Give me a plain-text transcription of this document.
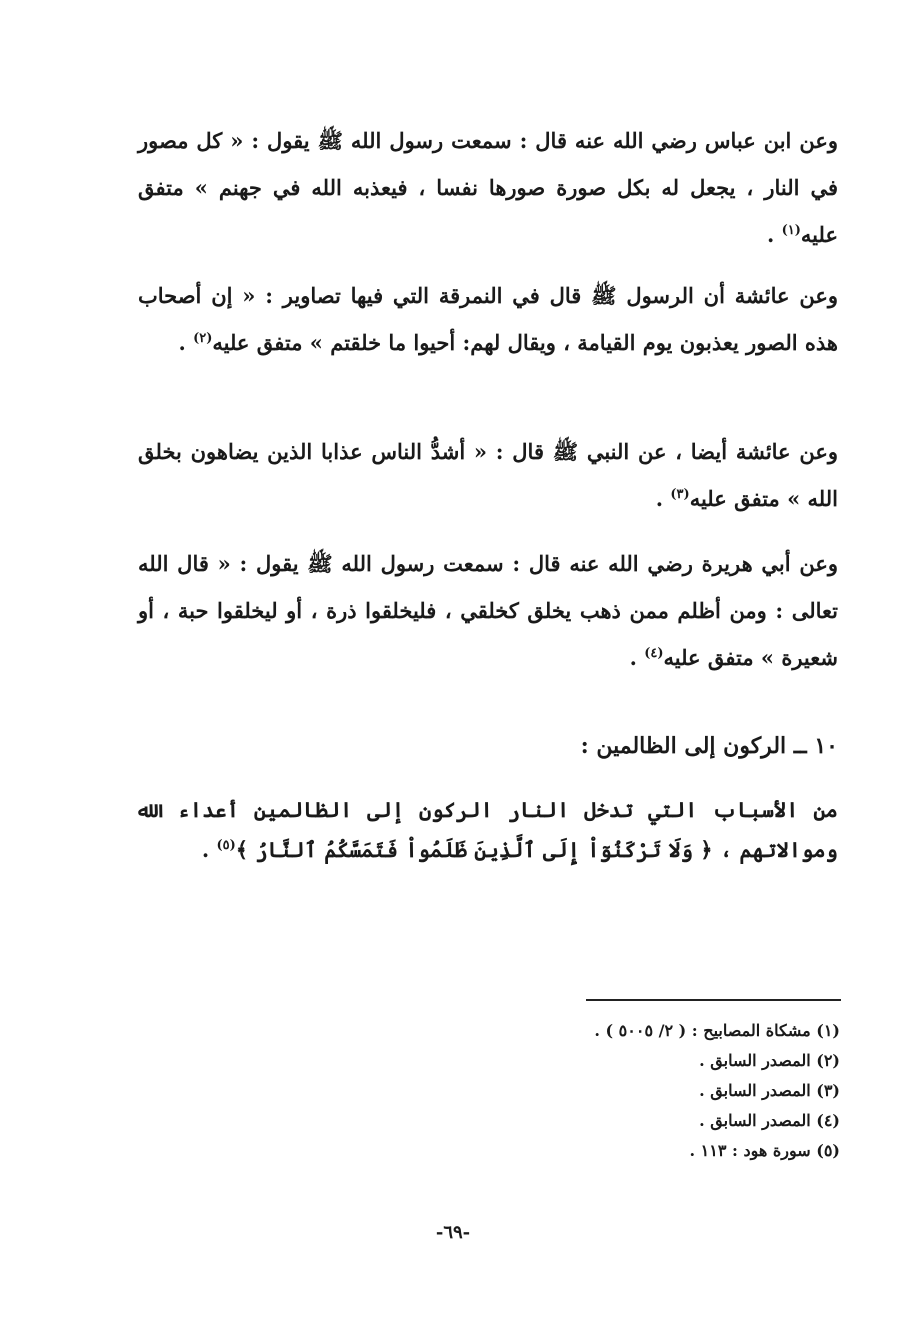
وعن ابن عباس رضي الله عنه قال : سمعت رسول الله ﷺ يقول : « كل مصور في النار ، يجعل له بكل صورة صورها نفسا ، فيعذبه الله في جهنم » متفق عليه$^{(١)}$ .
وعن عائشة أن الرسول ﷺ قال في النمرقة التي فيها تصاوير : « إن أصحاب هذه الصور يعذبون يوم القيامة ، ويقال لهم: أحيوا ما خلقتم » متفق عليه$^{(٢)}$ .
وعن عائشة أيضا ، عن النبي ﷺ قال : « أشدُّ الناس عذابا الذين يضاهون بخلق الله » متفق عليه$^{(٣)}$ .
وعن أبي هريرة رضي الله عنه قال : سمعت رسول الله ﷺ يقول : « قال الله تعالى : ومن أظلم ممن ذهب يخلق كخلقي ، فليخلقوا ذرة ، أو ليخلقوا حبة ، أو شعيرة » متفق عليه$^{(٤)}$ .
١٠ ــ الركون إلى الظالمين :
من الأسباب التي تدخل النار الركون إلى الظالمين أعداء الله وموالاتهم ، ﴿ وَلَا تَرْكَنُوٓاْ إِلَى ٱلَّذِينَ ظَلَمُواْ فَتَمَسَّكُمُ ٱلنَّارُ ﴾$^{(٥)}$ .
(١) مشكاة المصابيح : ( ٢/ ٥٠٠٥ ) .
(٢) المصدر السابق .
(٣) المصدر السابق .
(٤) المصدر السابق .
(٥) سورة هود : ١١٣ .
-٦٩-
